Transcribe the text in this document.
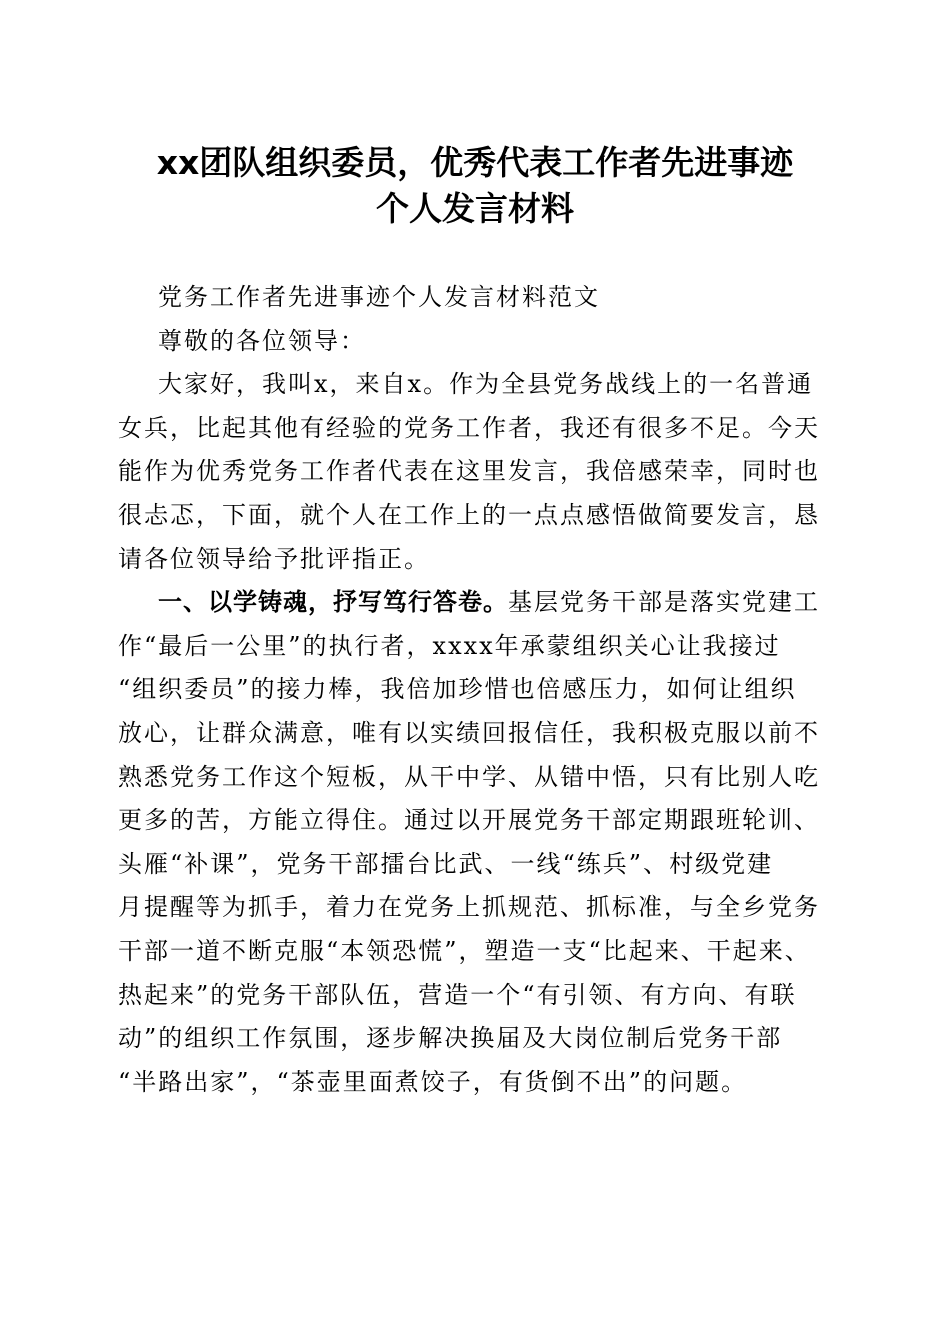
xx团队组织委员，优秀代表工作者先进事迹
个人发言材料

党务工作者先进事迹个人发言材料范文

尊敬的各位领导：

大家好，我叫x，来自x。作为全县党务战线上的一名普通
女兵，比起其他有经验的党务工作者，我还有很多不足。今天
能作为优秀党务工作者代表在这里发言，我倍感荣幸，同时也
很忐忑，下面，就个人在工作上的一点点感悟做简要发言，恳
请各位领导给予批评指正。

一、以学铸魂，抒写笃行答卷。基层党务干部是落实党建工
作“最后一公里”的执行者，xxxx年承蒙组织关心让我接过
“组织委员”的接力棒，我倍加珍惜也倍感压力，如何让组织
放心，让群众满意，唯有以实绩回报信任，我积极克服以前不
熟悉党务工作这个短板，从干中学、从错中悟，只有比别人吃
更多的苦，方能立得住。通过以开展党务干部定期跟班轮训、
头雁“补课”，党务干部擂台比武、一线“练兵”、村级党建
月提醒等为抓手，着力在党务上抓规范、抓标准，与全乡党务
干部一道不断克服“本领恐慌”，塑造一支“比起来、干起来、
热起来”的党务干部队伍，营造一个“有引领、有方向、有联
动”的组织工作氛围，逐步解决换届及大岗位制后党务干部
“半路出家”，“茶壶里面煮饺子，有货倒不出”的问题。
